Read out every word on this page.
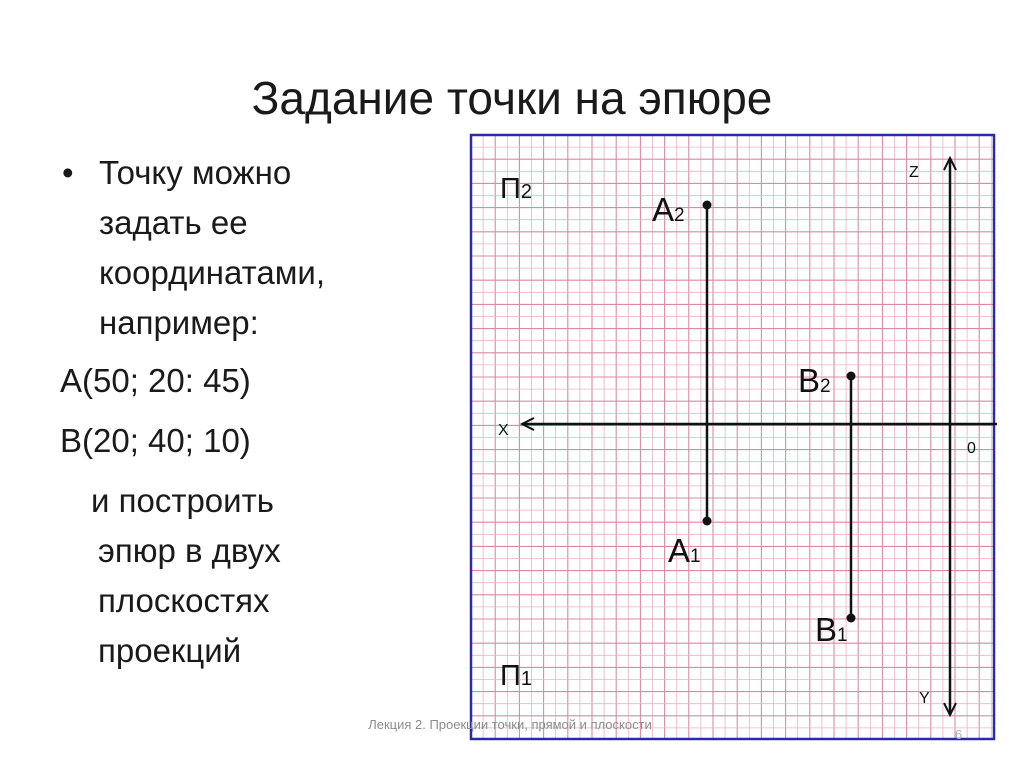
Задание точки на эпюре
• Точку можно
задать ее
координатами,
например:
A(50; 20: 45)
B(20; 40; 10)
и построить
эпюр в двух
плоскостях
проекций
П2
П1
A2
A1
B2
B1
X
Z
Y
0
Лекция 2. Проекции точки, прямой и плоскости
6
